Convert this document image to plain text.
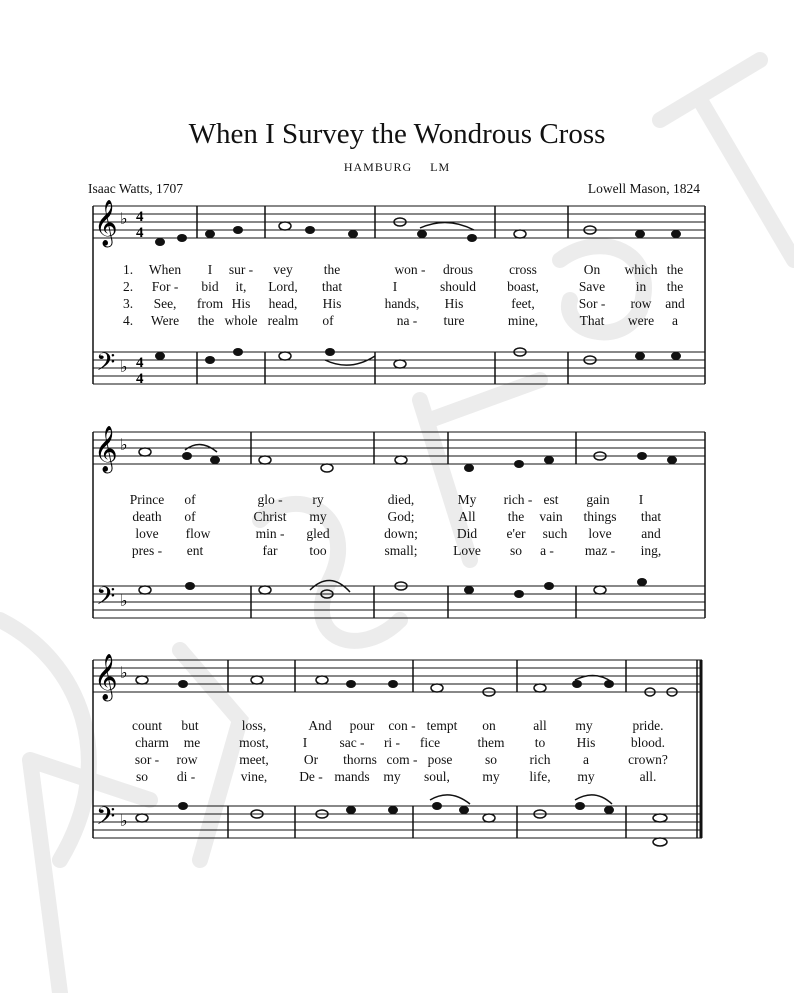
When I Survey the Wondrous Cross
HAMBURG LM
Isaac Watts, 1707	Lowell Mason, 1824
𝄞
𝄢
♭
♭
4
4
4
4
𝄞
𝄢
♭
♭
𝄞
𝄢
♭
♭
1. When I sur - vey the	won - drous	cross	On which the
2. For - bid it, Lord, that	I	should boast,	Save in the
3. See, from His head, His	hands, His	feet,	Sor - row and
4. Were the whole realm of	na - ture	mine,	That were a
Prince of	glo - ry	died,	My rich - est gain I
death of	Christ my	God;	All the vain things that
love flow	min - gled	down;	Did e'er such love and
pres - ent	far too	small;	Love so a - maz - ing,
count but	loss,	And pour con - tempt on	all my	pride.
charm me	most,	I sac - ri - fice	them to His	blood.
sor - row	meet,	Or thorns com - pose so rich a	crown?
so di -	vine, De - mands my soul, my life, my	all.
